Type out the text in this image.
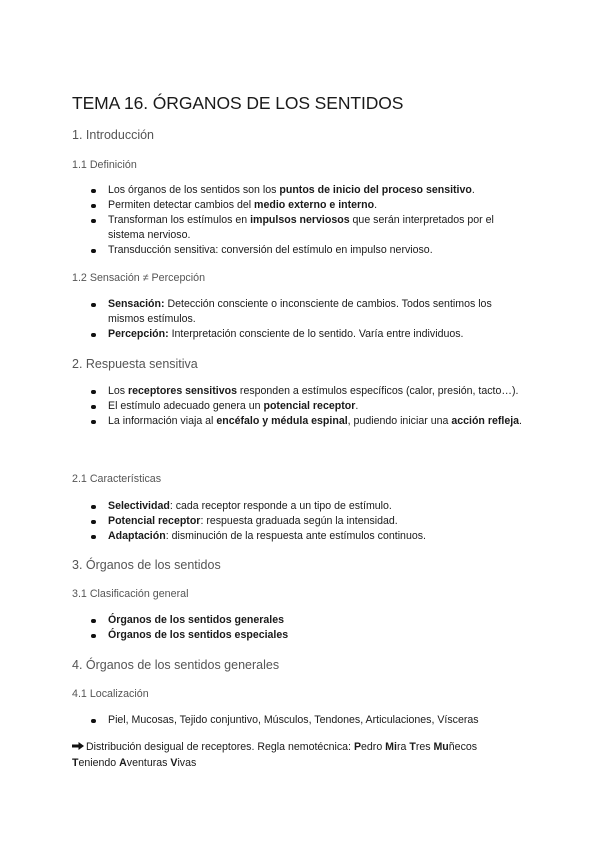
TEMA 16. ÓRGANOS DE LOS SENTIDOS
1. Introducción
1.1 Definición
Los órganos de los sentidos son los puntos de inicio del proceso sensitivo.
Permiten detectar cambios del medio externo e interno.
Transforman los estímulos en impulsos nerviosos que serán interpretados por el sistema nervioso.
Transducción sensitiva: conversión del estímulo en impulso nervioso.
1.2 Sensación ≠ Percepción
Sensación: Detección consciente o inconsciente de cambios. Todos sentimos los mismos estímulos.
Percepción: Interpretación consciente de lo sentido. Varía entre individuos.
2. Respuesta sensitiva
Los receptores sensitivos responden a estímulos específicos (calor, presión, tacto…).
El estímulo adecuado genera un potencial receptor.
La información viaja al encéfalo y médula espinal, pudiendo iniciar una acción refleja.
2.1 Características
Selectividad: cada receptor responde a un tipo de estímulo.
Potencial receptor: respuesta graduada según la intensidad.
Adaptación: disminución de la respuesta ante estímulos continuos.
3. Órganos de los sentidos
3.1 Clasificación general
Órganos de los sentidos generales
Órganos de los sentidos especiales
4. Órganos de los sentidos generales
4.1 Localización
Piel, Mucosas, Tejido conjuntivo, Músculos, Tendones, Articulaciones, Vísceras
Distribución desigual de receptores. Regla nemotécnica: Pedro Mira Tres Muñecos Teniendo Aventuras Vivas
